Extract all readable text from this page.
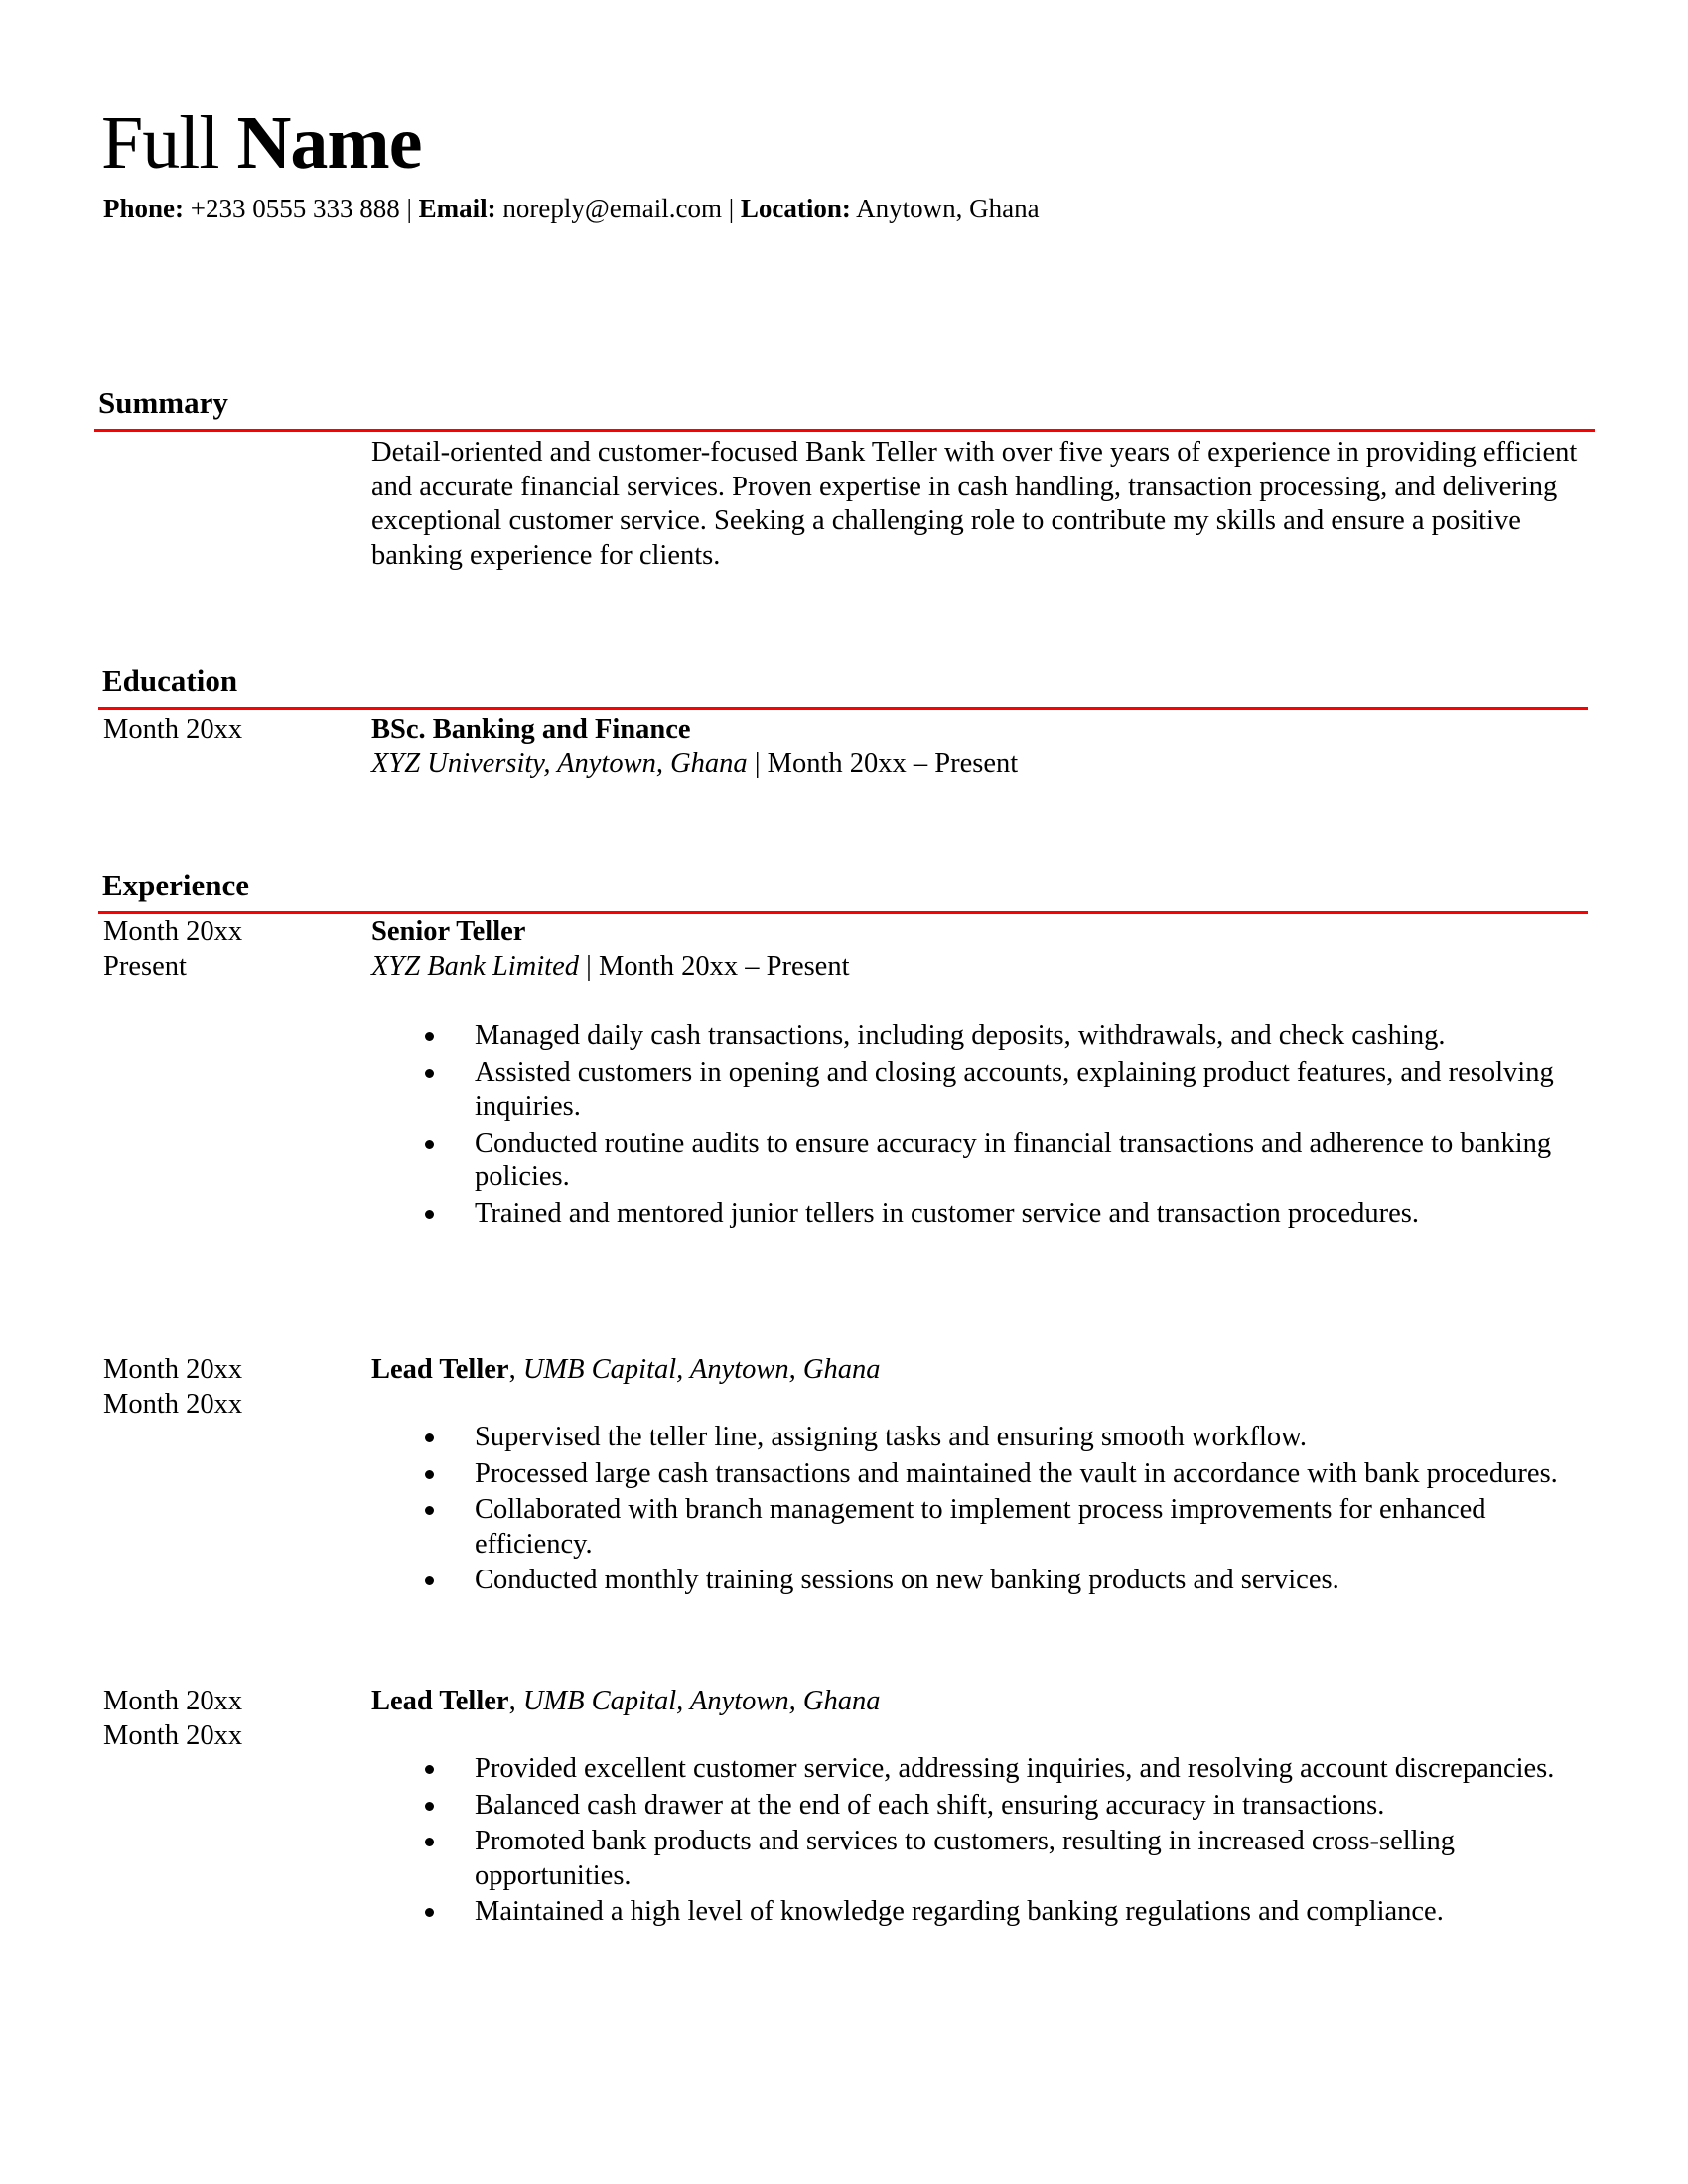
Full Name
Phone: +233 0555 333 888 | Email: noreply@email.com | Location: Anytown, Ghana
Summary
Detail-oriented and customer-focused Bank Teller with over five years of experience in providing efficient and accurate financial services. Proven expertise in cash handling, transaction processing, and delivering exceptional customer service. Seeking a challenging role to contribute my skills and ensure a positive banking experience for clients.
Education
Month 20xx	BSc. Banking and Finance
XYZ University, Anytown, Ghana | Month 20xx – Present
Experience
Month 20xx
Present
Senior Teller
XYZ Bank Limited | Month 20xx – Present
Managed daily cash transactions, including deposits, withdrawals, and check cashing.
Assisted customers in opening and closing accounts, explaining product features, and resolving inquiries.
Conducted routine audits to ensure accuracy in financial transactions and adherence to banking policies.
Trained and mentored junior tellers in customer service and transaction procedures.
Month 20xx
Month 20xx
Lead Teller, UMB Capital, Anytown, Ghana
Supervised the teller line, assigning tasks and ensuring smooth workflow.
Processed large cash transactions and maintained the vault in accordance with bank procedures.
Collaborated with branch management to implement process improvements for enhanced efficiency.
Conducted monthly training sessions on new banking products and services.
Month 20xx
Month 20xx
Lead Teller, UMB Capital, Anytown, Ghana
Provided excellent customer service, addressing inquiries, and resolving account discrepancies.
Balanced cash drawer at the end of each shift, ensuring accuracy in transactions.
Promoted bank products and services to customers, resulting in increased cross-selling opportunities.
Maintained a high level of knowledge regarding banking regulations and compliance.
